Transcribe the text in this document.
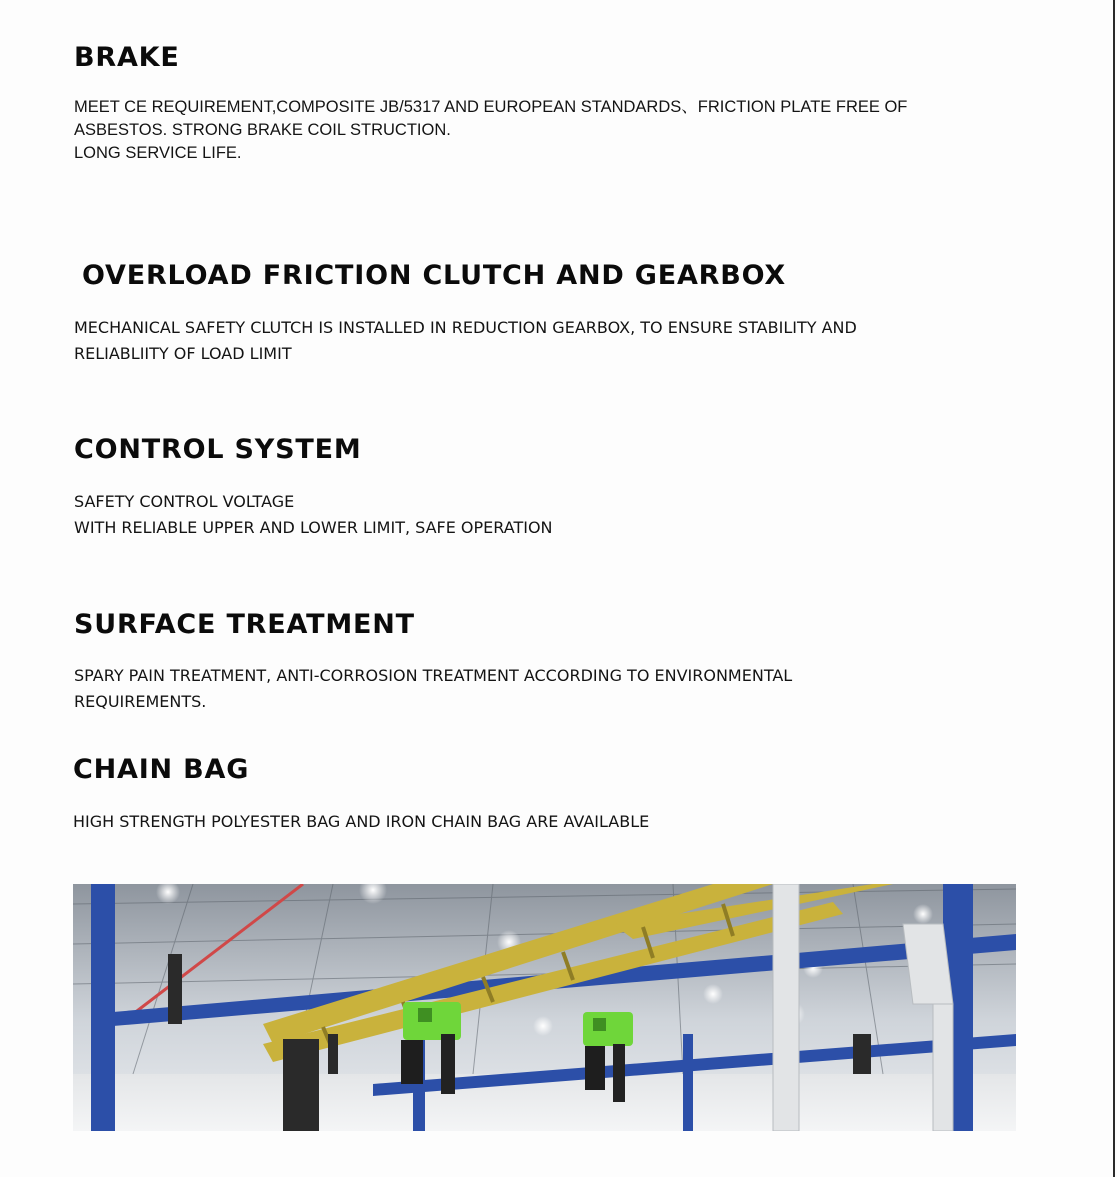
BRAKE
MEET CE REQUIREMENT,COMPOSITE JB/5317 AND EUROPEAN STANDARDS、FRICTION PLATE FREE OF
ASBESTOS. STRONG BRAKE COIL STRUCTION.
LONG SERVICE LIFE.
OVERLOAD FRICTION CLUTCH AND GEARBOX
MECHANICAL SAFETY CLUTCH IS INSTALLED IN REDUCTION GEARBOX, TO ENSURE STABILITY AND
RELIABLIITY OF LOAD LIMIT
CONTROL SYSTEM
SAFETY CONTROL VOLTAGE
WITH RELIABLE UPPER AND LOWER LIMIT, SAFE OPERATION
SURFACE TREATMENT
SPARY PAIN TREATMENT, ANTI-CORROSION TREATMENT ACCORDING TO ENVIRONMENTAL
REQUIREMENTS.
CHAIN BAG
HIGH STRENGTH POLYESTER BAG AND IRON CHAIN BAG ARE AVAILABLE
